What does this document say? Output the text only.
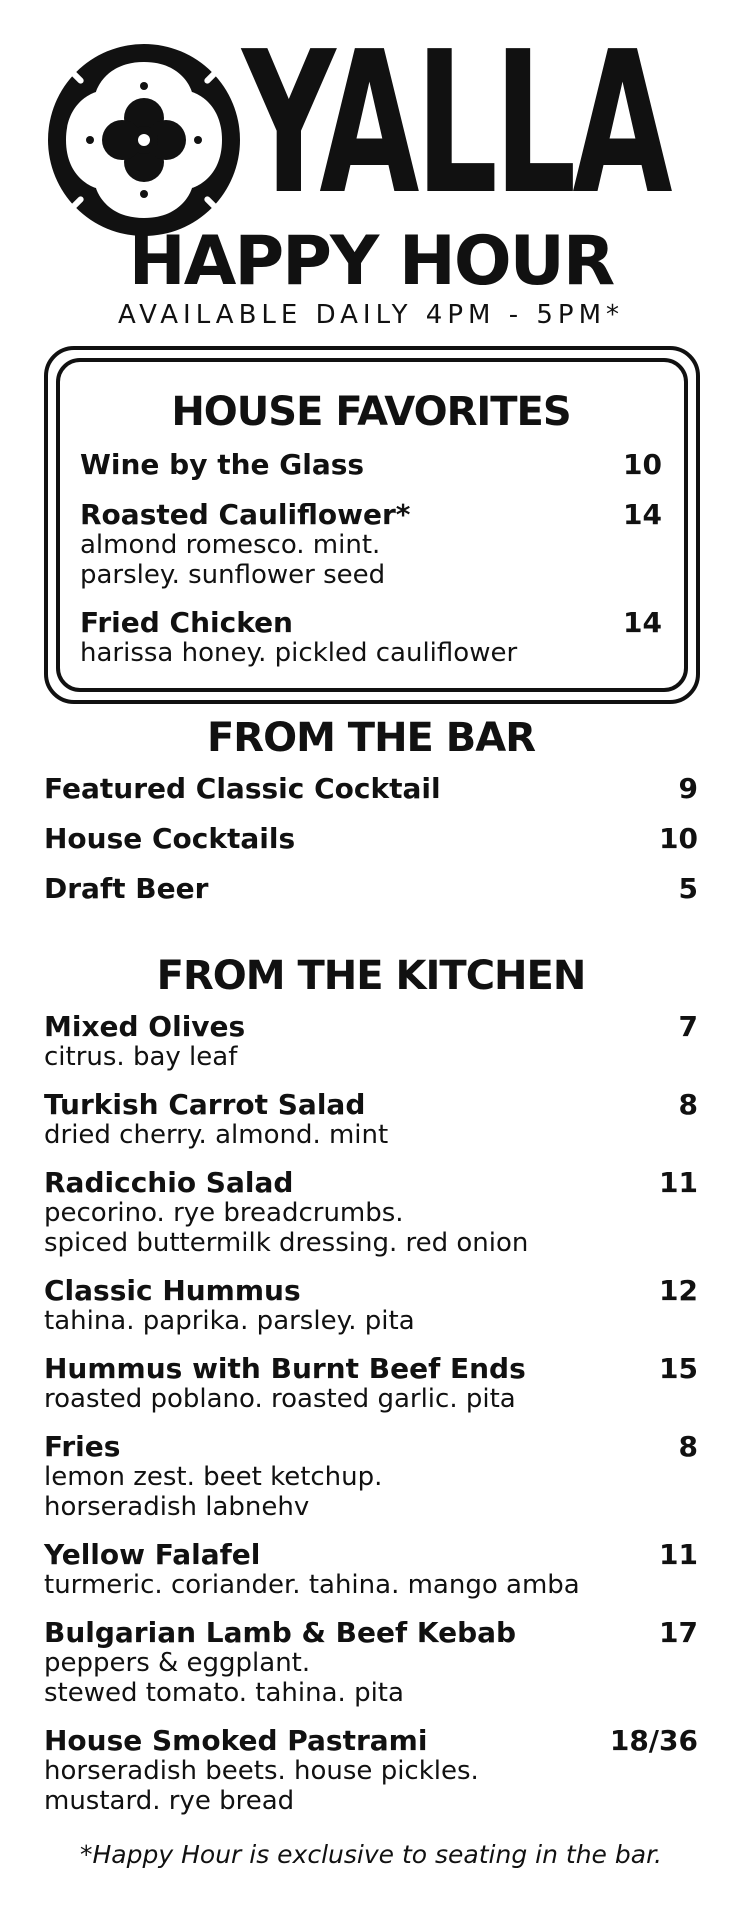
YALLA
HAPPY HOUR
AVAILABLE DAILY 4PM - 5PM*
HOUSE FAVORITES
Wine by the Glass	10
Roasted Cauliflower*	14
almond romesco. mint.
parsley. sunflower seed
Fried Chicken	14
harissa honey. pickled cauliflower
FROM THE BAR
Featured Classic Cocktail	9
House Cocktails	10
Draft Beer	5
FROM THE KITCHEN
Mixed Olives	7
citrus. bay leaf
Turkish Carrot Salad	8
dried cherry. almond. mint
Radicchio Salad	11
pecorino. rye breadcrumbs.
spiced buttermilk dressing. red onion
Classic Hummus	12
tahina. paprika. parsley. pita
Hummus with Burnt Beef Ends	15
roasted poblano. roasted garlic. pita
Fries	8
lemon zest. beet ketchup.
horseradish labnehv
Yellow Falafel	11
turmeric. coriander. tahina. mango amba
Bulgarian Lamb & Beef Kebab	17
peppers & eggplant.
stewed tomato. tahina. pita
House Smoked Pastrami	18/36
horseradish beets. house pickles.
mustard. rye bread
*Happy Hour is exclusive to seating in the bar.
